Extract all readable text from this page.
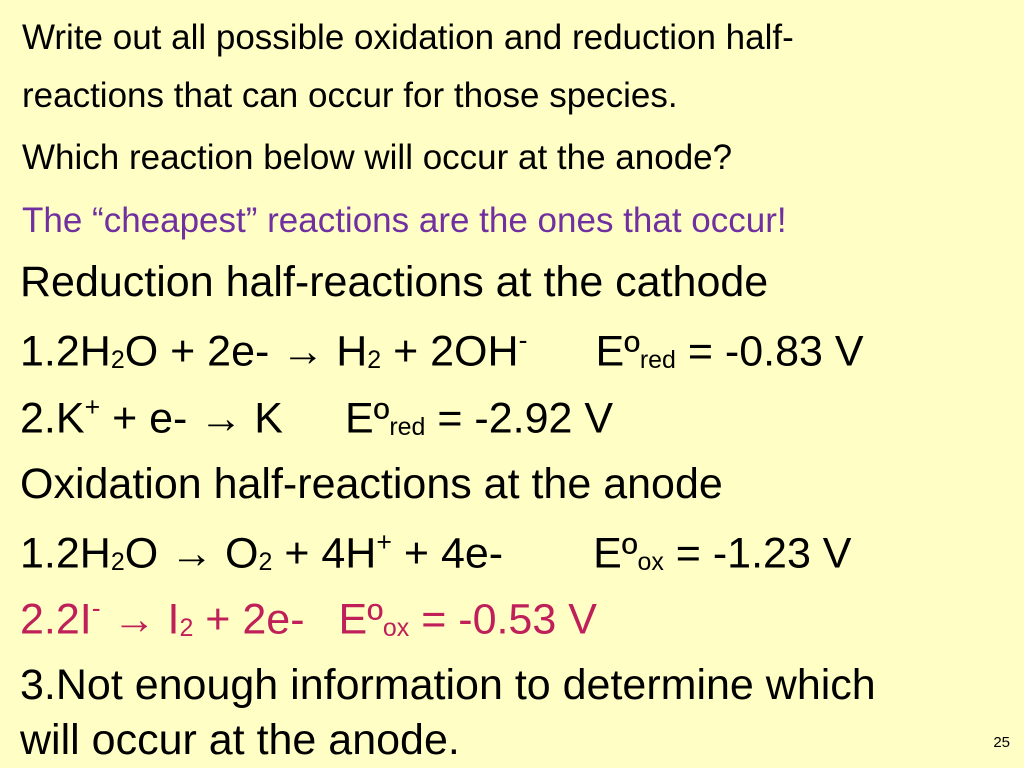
Write out all possible oxidation and reduction half-

reactions that can occur for those species.

Which reaction below will occur at the anode?

The “cheapest” reactions are the ones that occur!

Reduction half-reactions at the cathode

1.2H2O + 2e- → H2 + 2OH- Eºred = -0.83 V

2.K+ + e- → K Eºred = -2.92 V

Oxidation half-reactions at the anode

1.2H2O → O2 + 4H+ + 4e- Eºox = -1.23 V

2.2I- → I2 + 2e- Eºox = -0.53 V

3.Not enough information to determine which

will occur at the anode.	25
